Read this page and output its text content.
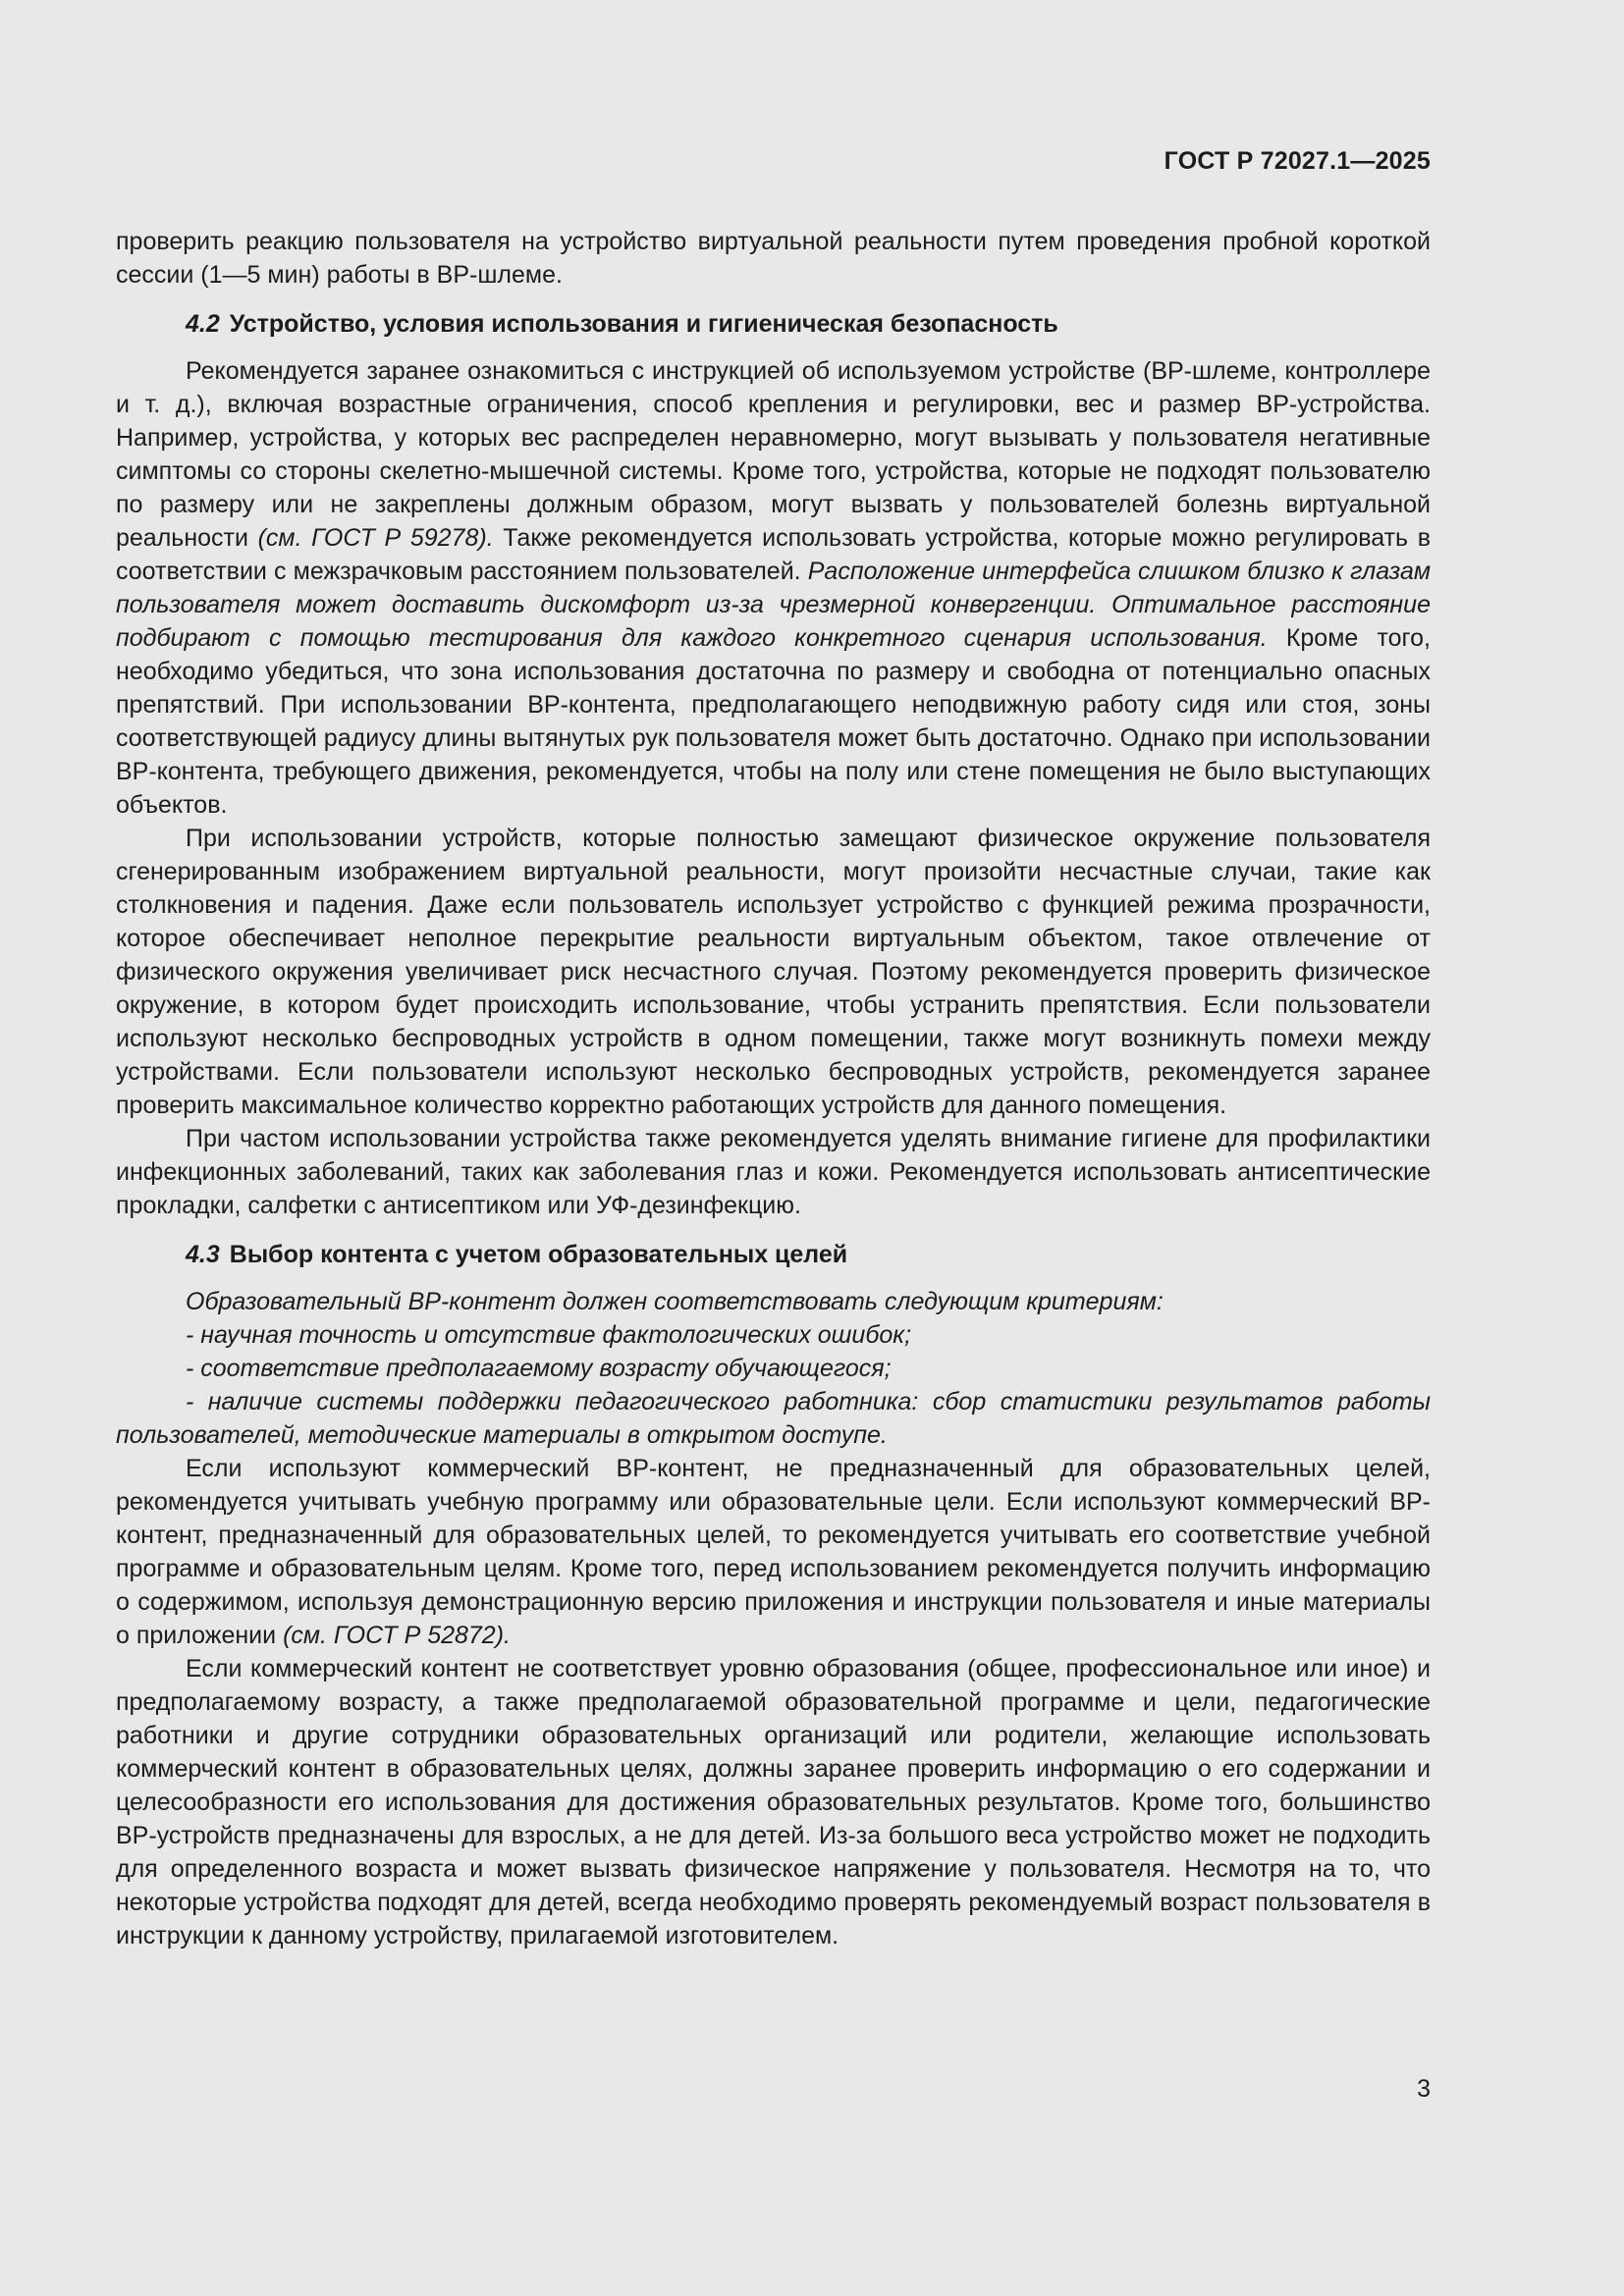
ГОСТ Р 72027.1—2025

проверить реакцию пользователя на устройство виртуальной реальности путем проведения пробной короткой сессии (1—5 мин) работы в ВР-шлеме.

4.2 Устройство, условия использования и гигиеническая безопасность

Рекомендуется заранее ознакомиться с инструкцией об используемом устройстве (ВР-шлеме, контроллере и т. д.), включая возрастные ограничения, способ крепления и регулировки, вес и размер ВР-устройства. Например, устройства, у которых вес распределен неравномерно, могут вызывать у пользователя негативные симптомы со стороны скелетно-мышечной системы. Кроме того, устройства, которые не подходят пользователю по размеру или не закреплены должным образом, могут вызвать у пользователей болезнь виртуальной реальности (см. ГОСТ Р 59278). Также рекомендуется использовать устройства, которые можно регулировать в соответствии с межзрачковым расстоянием пользователей. Расположение интерфейса слишком близко к глазам пользователя может доставить дискомфорт из-за чрезмерной конвергенции. Оптимальное расстояние подбирают с помощью тестирования для каждого конкретного сценария использования. Кроме того, необходимо убедиться, что зона использования достаточна по размеру и свободна от потенциально опасных препятствий. При использовании ВР-контента, предполагающего неподвижную работу сидя или стоя, зоны соответствующей радиусу длины вытянутых рук пользователя может быть достаточно. Однако при использовании ВР-контента, требующего движения, рекомендуется, чтобы на полу или стене помещения не было выступающих объектов.

При использовании устройств, которые полностью замещают физическое окружение пользователя сгенерированным изображением виртуальной реальности, могут произойти несчастные случаи, такие как столкновения и падения. Даже если пользователь использует устройство с функцией режима прозрачности, которое обеспечивает неполное перекрытие реальности виртуальным объектом, такое отвлечение от физического окружения увеличивает риск несчастного случая. Поэтому рекомендуется проверить физическое окружение, в котором будет происходить использование, чтобы устранить препятствия. Если пользователи используют несколько беспроводных устройств в одном помещении, также могут возникнуть помехи между устройствами. Если пользователи используют несколько беспроводных устройств, рекомендуется заранее проверить максимальное количество корректно работающих устройств для данного помещения.

При частом использовании устройства также рекомендуется уделять внимание гигиене для профилактики инфекционных заболеваний, таких как заболевания глаз и кожи. Рекомендуется использовать антисептические прокладки, салфетки с антисептиком или УФ-дезинфекцию.

4.3 Выбор контента с учетом образовательных целей

Образовательный ВР-контент должен соответствовать следующим критериям:

- научная точность и отсутствие фактологических ошибок;

- соответствие предполагаемому возрасту обучающегося;

- наличие системы поддержки педагогического работника: сбор статистики результатов работы пользователей, методические материалы в открытом доступе.

Если используют коммерческий ВР-контент, не предназначенный для образовательных целей, рекомендуется учитывать учебную программу или образовательные цели. Если используют коммерческий ВР-контент, предназначенный для образовательных целей, то рекомендуется учитывать его соответствие учебной программе и образовательным целям. Кроме того, перед использованием рекомендуется получить информацию о содержимом, используя демонстрационную версию приложения и инструкции пользователя и иные материалы о приложении (см. ГОСТ Р 52872).

Если коммерческий контент не соответствует уровню образования (общее, профессиональное или иное) и предполагаемому возрасту, а также предполагаемой образовательной программе и цели, педагогические работники и другие сотрудники образовательных организаций или родители, желающие использовать коммерческий контент в образовательных целях, должны заранее проверить информацию о его содержании и целесообразности его использования для достижения образовательных результатов. Кроме того, большинство ВР-устройств предназначены для взрослых, а не для детей. Из-за большого веса устройство может не подходить для определенного возраста и может вызвать физическое напряжение у пользователя. Несмотря на то, что некоторые устройства подходят для детей, всегда необходимо проверять рекомендуемый возраст пользователя в инструкции к данному устройству, прилагаемой изготовителем.

3
